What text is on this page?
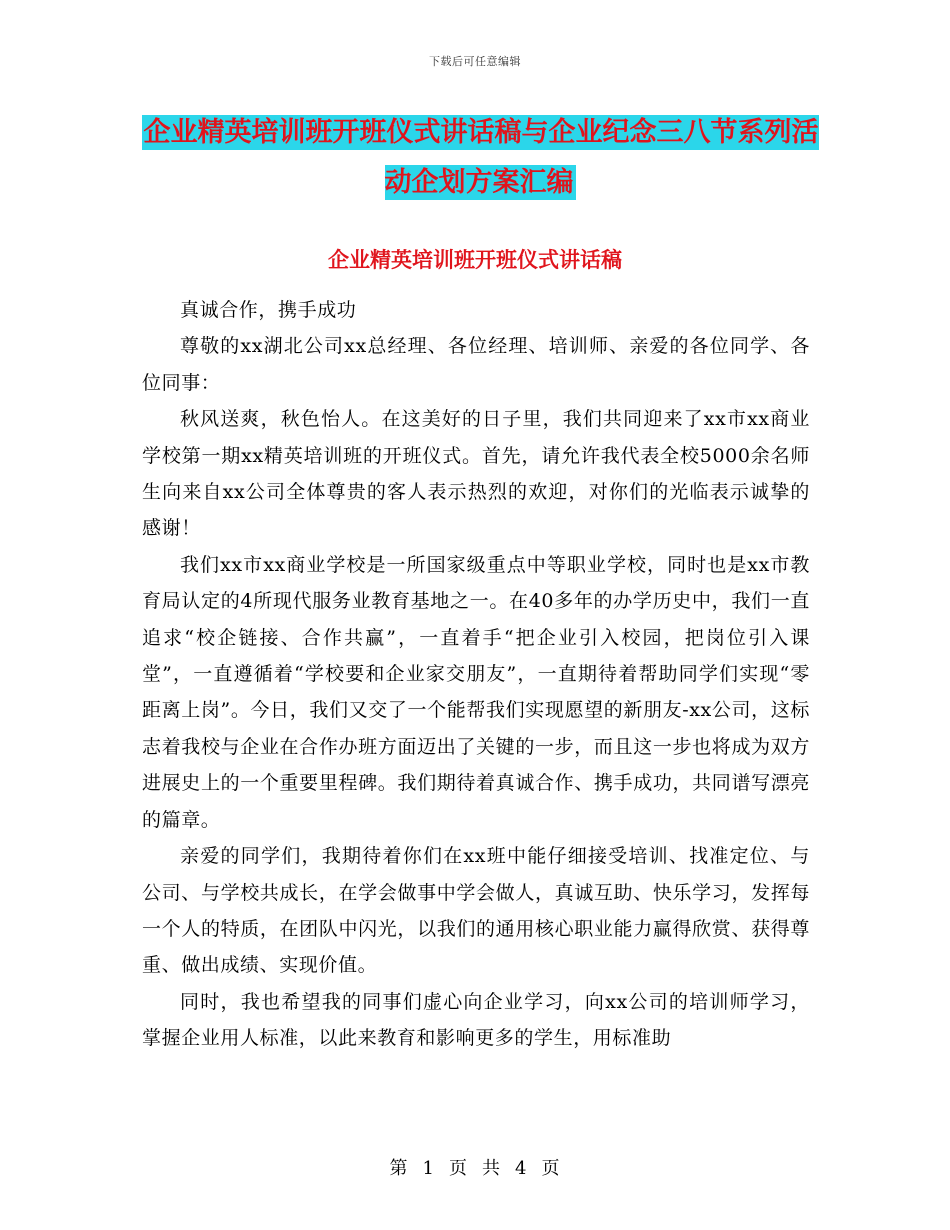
下载后可任意编辑
企业精英培训班开班仪式讲话稿与企业纪念三八节系列活动企划方案汇编
企业精英培训班开班仪式讲话稿

真诚合作，携手成功

尊敬的xx湖北公司xx总经理、各位经理、培训师、亲爱的各位同学、各位同事：

秋风送爽，秋色怡人。在这美好的日子里，我们共同迎来了xx市xx商业学校第一期xx精英培训班的开班仪式。首先，请允许我代表全校5000余名师生向来自xx公司全体尊贵的客人表示热烈的欢迎，对你们的光临表示诚挚的感谢！

我们xx市xx商业学校是一所国家级重点中等职业学校，同时也是xx市教育局认定的4所现代服务业教育基地之一。在40多年的办学历史中，我们一直追求“校企链接、合作共赢”，一直着手“把企业引入校园，把岗位引入课堂”，一直遵循着“学校要和企业家交朋友”，一直期待着帮助同学们实现“零距离上岗”。今日，我们又交了一个能帮我们实现愿望的新朋友-xx公司，这标志着我校与企业在合作办班方面迈出了关键的一步，而且这一步也将成为双方进展史上的一个重要里程碑。我们期待着真诚合作、携手成功，共同谱写漂亮的篇章。

亲爱的同学们，我期待着你们在xx班中能仔细接受培训、找准定位、与公司、与学校共成长，在学会做事中学会做人，真诚互助、快乐学习，发挥每一个人的特质，在团队中闪光，以我们的通用核心职业能力赢得欣赏、获得尊重、做出成绩、实现价值。

同时，我也希望我的同事们虚心向企业学习，向xx公司的培训师学习，掌握企业用人标准，以此来教育和影响更多的学生，用标准助

第 1 页 共 4 页
